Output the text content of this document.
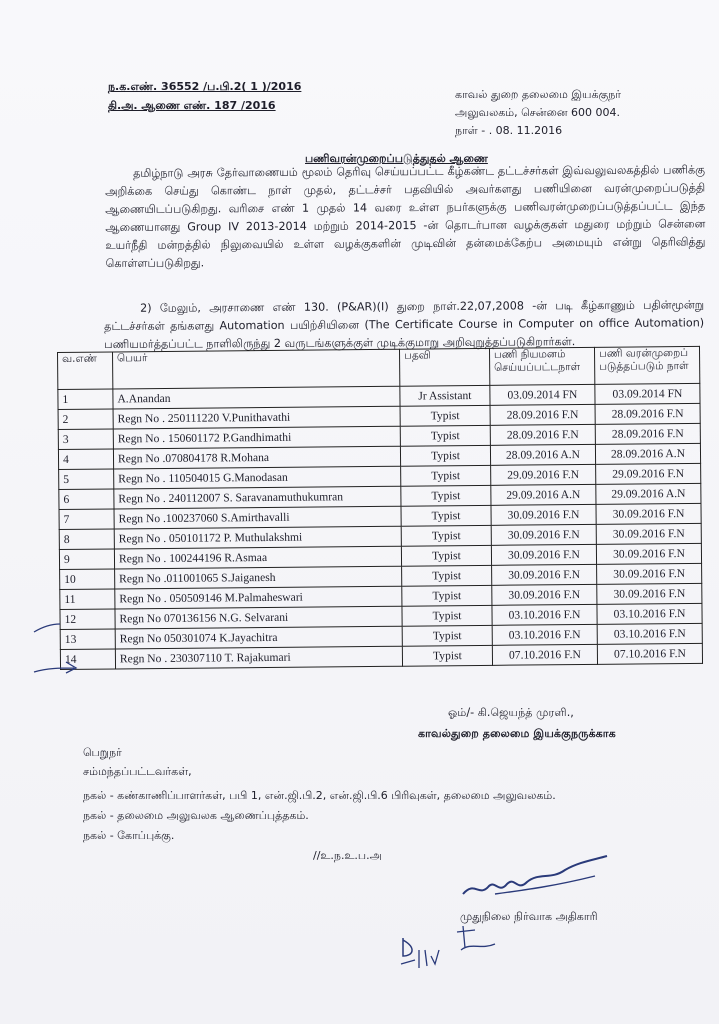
ந.க.எண். 36552 /ப.பி.2( 1 )/2016
தி.அ. ஆணை எண். 187 /2016
காவல் துறை தலைமை இயக்குநர்
அலுவலகம், சென்னை 600 004.
நாள் - . 08. 11.2016
பணிவரன்முறைப்படுத்துதல் ஆணை
தமிழ்நாடு அரசு தேர்வாணையம் மூலம் தெரிவு செய்யப்பட்ட கீழ்கண்ட தட்டச்சர்கள் இவ்வலுவலகத்தில் பணிக்கு அறிக்கை செய்து கொண்ட நாள் முதல், தட்டச்சர் பதவியில் அவர்களது பணியினை வரன்முறைப்படுத்தி ஆணையிடப்படுகிறது. வரிசை எண் 1 முதல் 14 வரை உள்ள நபர்களுக்கு பணிவரன்முறைப்படுத்தப்பட்ட இந்த ஆணையானது Group IV 2013-2014 மற்றும் 2014-2015 -ன் தொடர்பான வழக்குகள் மதுரை மற்றும் சென்னை உயர்நீதி மன்றத்தில் நிலுவையில் உள்ள வழக்குகளின் முடிவின் தன்மைக்கேற்ப அமையும் என்று தெரிவித்து கொள்ளப்படுகிறது.
2) மேலும், அரசாணை எண் 130. (P&AR)(I) துறை நாள்.22,07,2008 -ன் படி கீழ்காணும் பதின்மூன்று தட்டச்சர்கள் தங்களது Automation பயிற்சியினை (The Certificate Course in Computer on office Automation) பணியமர்த்தப்பட்ட நாளிலிருந்து 2 வருடங்களுக்குள் முடிக்குமாறு அறிவுறுத்தப்படுகிறார்கள்.
வ.எண்	பெயர்	பதவி	பணி நியமனம் செய்யப்பட்டநாள்	பணி வரன்முறைப் படுத்தப்படும் நாள்
1	A.Anandan	Jr Assistant	03.09.2014 FN	03.09.2014 FN
2	Regn No . 250111220 V.Punithavathi	Typist	28.09.2016 F.N	28.09.2016 F.N
3	Regn No . 150601172 P.Gandhimathi	Typist	28.09.2016 F.N	28.09.2016 F.N
4	Regn No .070804178 R.Mohana	Typist	28.09.2016 A.N	28.09.2016 A.N
5	Regn No . 110504015 G.Manodasan	Typist	29.09.2016 F.N	29.09.2016 F.N
6	Regn No . 240112007 S. Saravanamuthukumran	Typist	29.09.2016 A.N	29.09.2016 A.N
7	Regn No .100237060 S.Amirthavalli	Typist	30.09.2016 F.N	30.09.2016 F.N
8	Regn No . 050101172 P. Muthulakshmi	Typist	30.09.2016 F.N	30.09.2016 F.N
9	Regn No . 100244196 R.Asmaa	Typist	30.09.2016 F.N	30.09.2016 F.N
10	Regn No .011001065 S.Jaiganesh	Typist	30.09.2016 F.N	30.09.2016 F.N
11	Regn No . 050509146 M.Palmaheswari	Typist	30.09.2016 F.N	30.09.2016 F.N
12	Regn No 070136156 N.G. Selvarani	Typist	03.10.2016 F.N	03.10.2016 F.N
13	Regn No 050301074 K.Jayachitra	Typist	03.10.2016 F.N	03.10.2016 F.N
14	Regn No . 230307110 T. Rajakumari	Typist	07.10.2016 F.N	07.10.2016 F.N
ஓம்/- கி.ஜெயந்த் முரளி.,
காவல்துறை தலைமை இயக்குநருக்காக
பெறுநர்
சம்மந்தப்பட்டவர்கள்,
நகல் - கண்காணிப்பாளர்கள், பபி 1, என்.ஜி.பி.2, என்.ஜி.பி.6 பிரிவுகள், தலைமை அலுவலகம்.
நகல் - தலைமை அலுவலக ஆணைப்புத்தகம்.
நகல் - கோப்புக்கு.
//உ.ந.உ.ப.அ
முதுநிலை நிர்வாக அதிகாரி
